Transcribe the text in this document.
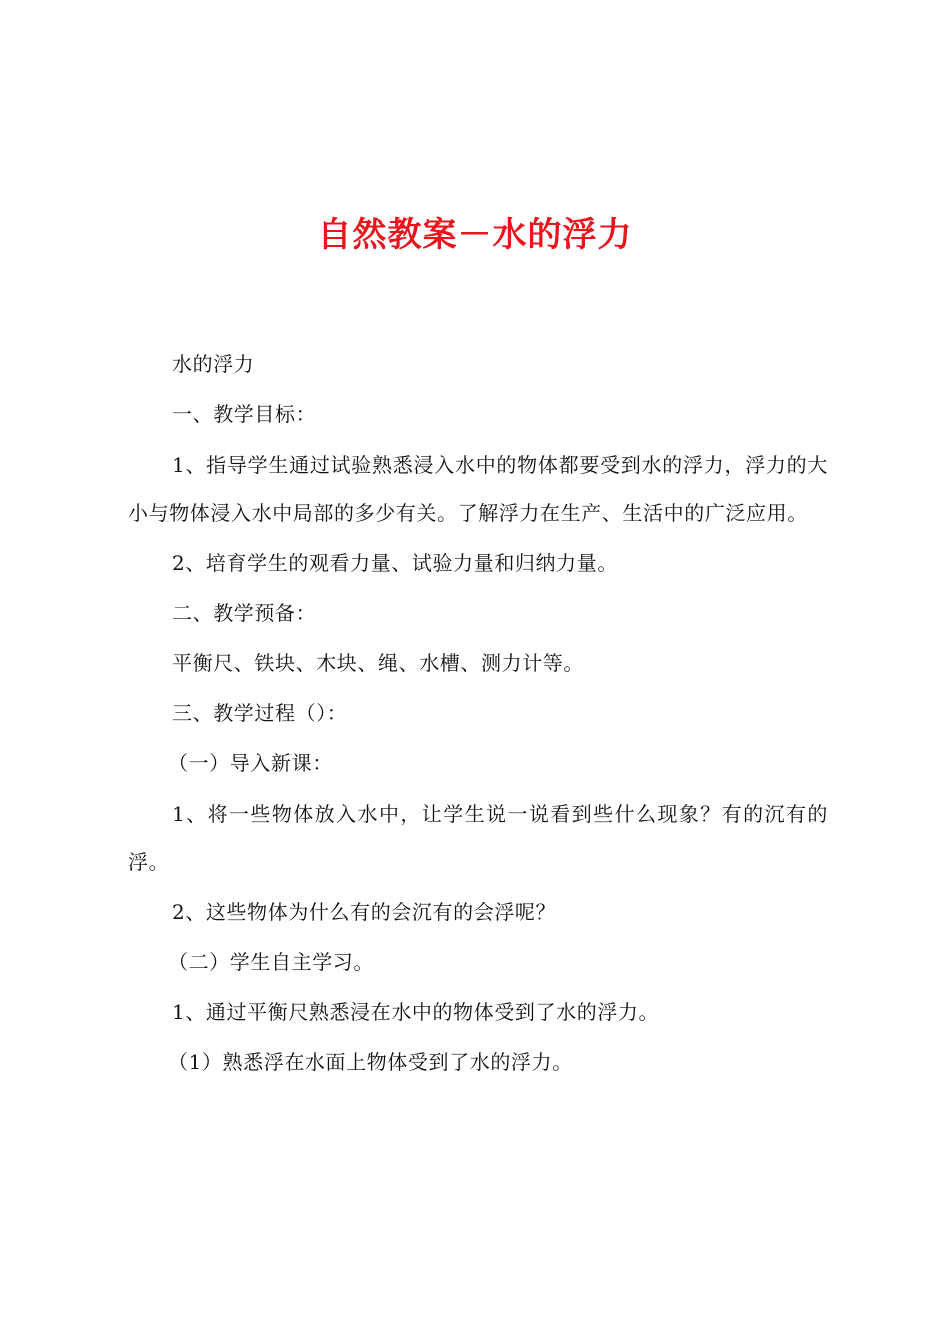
自然教案－水的浮力

水的浮力

一、教学目标：

1、指导学生通过试验熟悉浸入水中的物体都要受到水的浮力，浮力的大小与物体浸入水中局部的多少有关。了解浮力在生产、生活中的广泛应用。

2、培育学生的观看力量、试验力量和归纳力量。

二、教学预备：

平衡尺、铁块、木块、绳、水槽、测力计等。

三、教学过程（）：

（一）导入新课：

1、将一些物体放入水中，让学生说一说看到些什么现象？有的沉有的浮。

2、这些物体为什么有的会沉有的会浮呢？

（二）学生自主学习。

1、通过平衡尺熟悉浸在水中的物体受到了水的浮力。

（1）熟悉浮在水面上物体受到了水的浮力。
